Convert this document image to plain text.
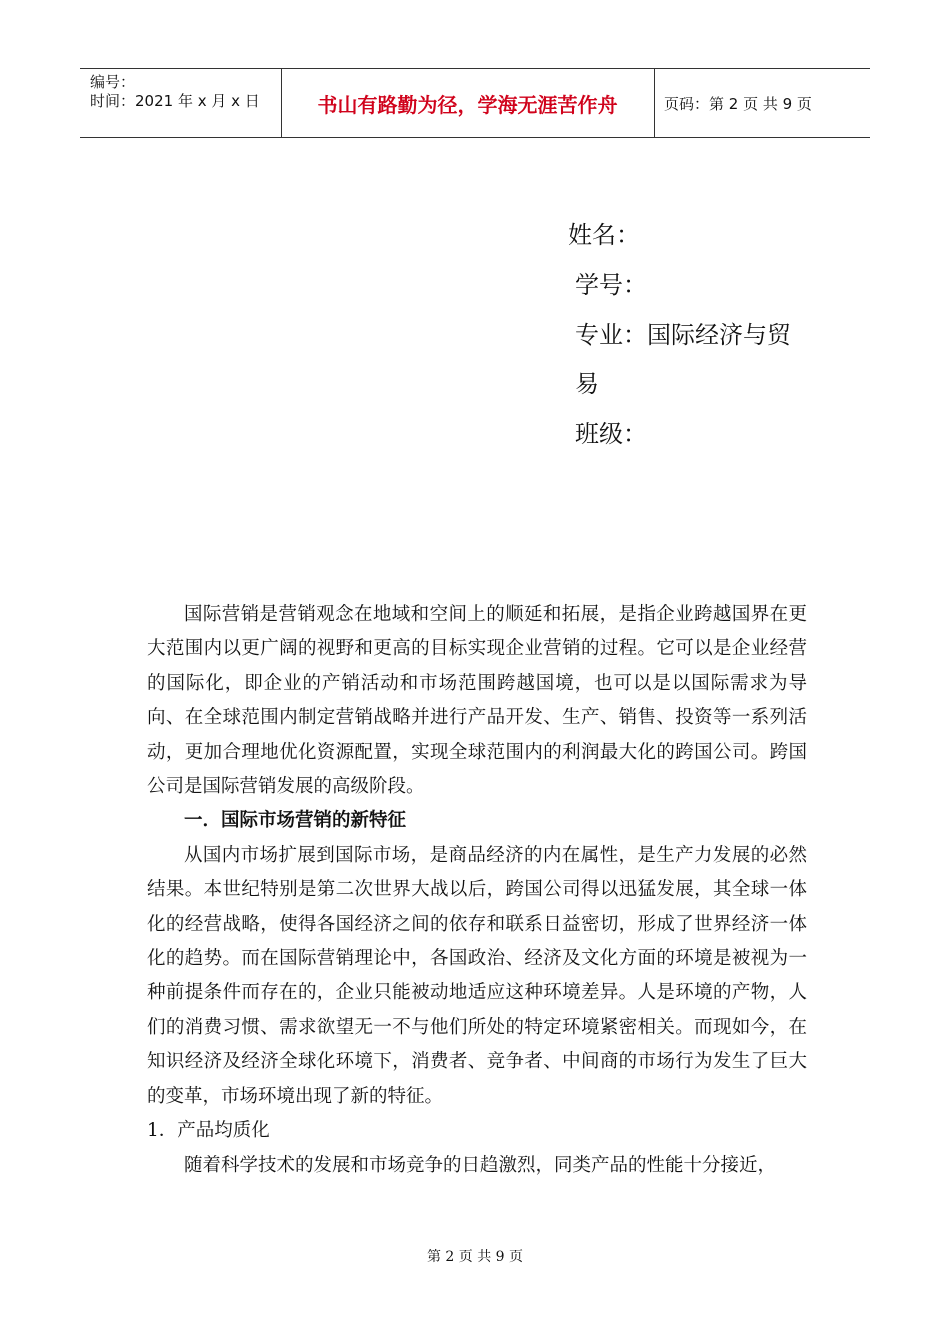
编号：
时间：2021 年 x 月 x 日	书山有路勤为径，学海无涯苦作舟	页码：第 2 页 共 9 页
姓名：
学号：
专业：国际经济与贸
易
班级：

国际营销是营销观念在地域和空间上的顺延和拓展，是指企业跨越国界在更大范围内以更广阔的视野和更高的目标实现企业营销的过程。它可以是企业经营的国际化，即企业的产销活动和市场范围跨越国境，也可以是以国际需求为导向、在全球范围内制定营销战略并进行产品开发、生产、销售、投资等一系列活动，更加合理地优化资源配置，实现全球范围内的利润最大化的跨国公司。跨国公司是国际营销发展的高级阶段。

一．国际市场营销的新特征

从国内市场扩展到国际市场，是商品经济的内在属性，是生产力发展的必然结果。本世纪特别是第二次世界大战以后，跨国公司得以迅猛发展，其全球一体化的经营战略，使得各国经济之间的依存和联系日益密切，形成了世界经济一体化的趋势。而在国际营销理论中，各国政治、经济及文化方面的环境是被视为一种前提条件而存在的，企业只能被动地适应这种环境差异。人是环境的产物，人们的消费习惯、需求欲望无一不与他们所处的特定环境紧密相关。而现如今，在知识经济及经济全球化环境下，消费者、竞争者、中间商的市场行为发生了巨大的变革，市场环境出现了新的特征。

1．产品均质化

随着科学技术的发展和市场竞争的日趋激烈，同类产品的性能十分接近，

第 2 页 共 9 页
